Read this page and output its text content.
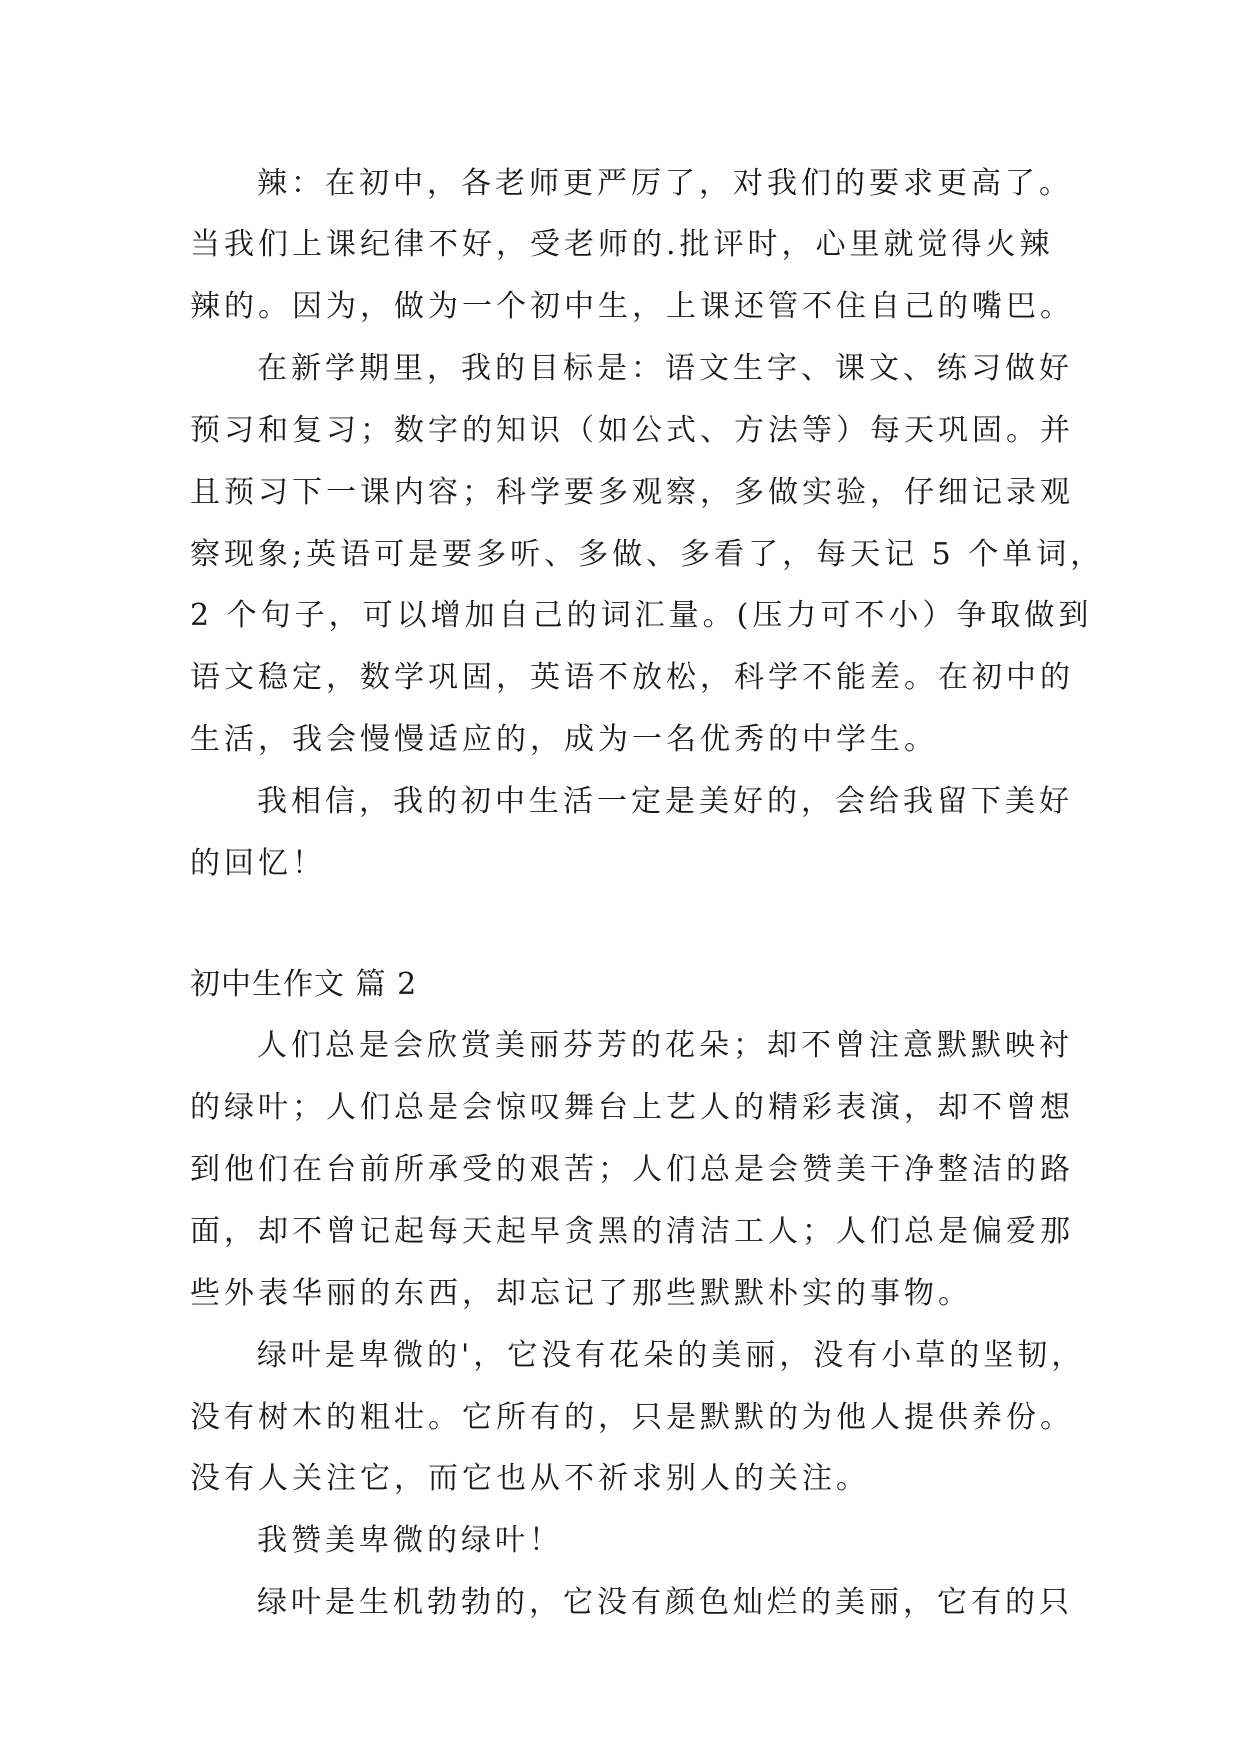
辣：在初中，各老师更严厉了，对我们的要求更高了。

当我们上课纪律不好，受老师的.批评时，心里就觉得火辣

辣的。因为，做为一个初中生，上课还管不住自己的嘴巴。

在新学期里，我的目标是：语文生字、课文、练习做好

预习和复习；数字的知识（如公式、方法等）每天巩固。并

且预习下一课内容；科学要多观察，多做实验，仔细记录观

察现象;英语可是要多听、多做、多看了，每天记 5 个单词，

2 个句子，可以增加自己的词汇量。(压力可不小）争取做到

语文稳定，数学巩固，英语不放松，科学不能差。在初中的

生活，我会慢慢适应的，成为一名优秀的中学生。

我相信，我的初中生活一定是美好的，会给我留下美好

的回忆！

初中生作文 篇 2

人们总是会欣赏美丽芬芳的花朵；却不曾注意默默映衬

的绿叶；人们总是会惊叹舞台上艺人的精彩表演，却不曾想

到他们在台前所承受的艰苦；人们总是会赞美干净整洁的路

面，却不曾记起每天起早贪黑的清洁工人；人们总是偏爱那

些外表华丽的东西，却忘记了那些默默朴实的事物。

绿叶是卑微的'，它没有花朵的美丽，没有小草的坚韧，

没有树木的粗壮。它所有的，只是默默的为他人提供养份。

没有人关注它，而它也从不祈求别人的关注。

我赞美卑微的绿叶！

绿叶是生机勃勃的，它没有颜色灿烂的美丽，它有的只
